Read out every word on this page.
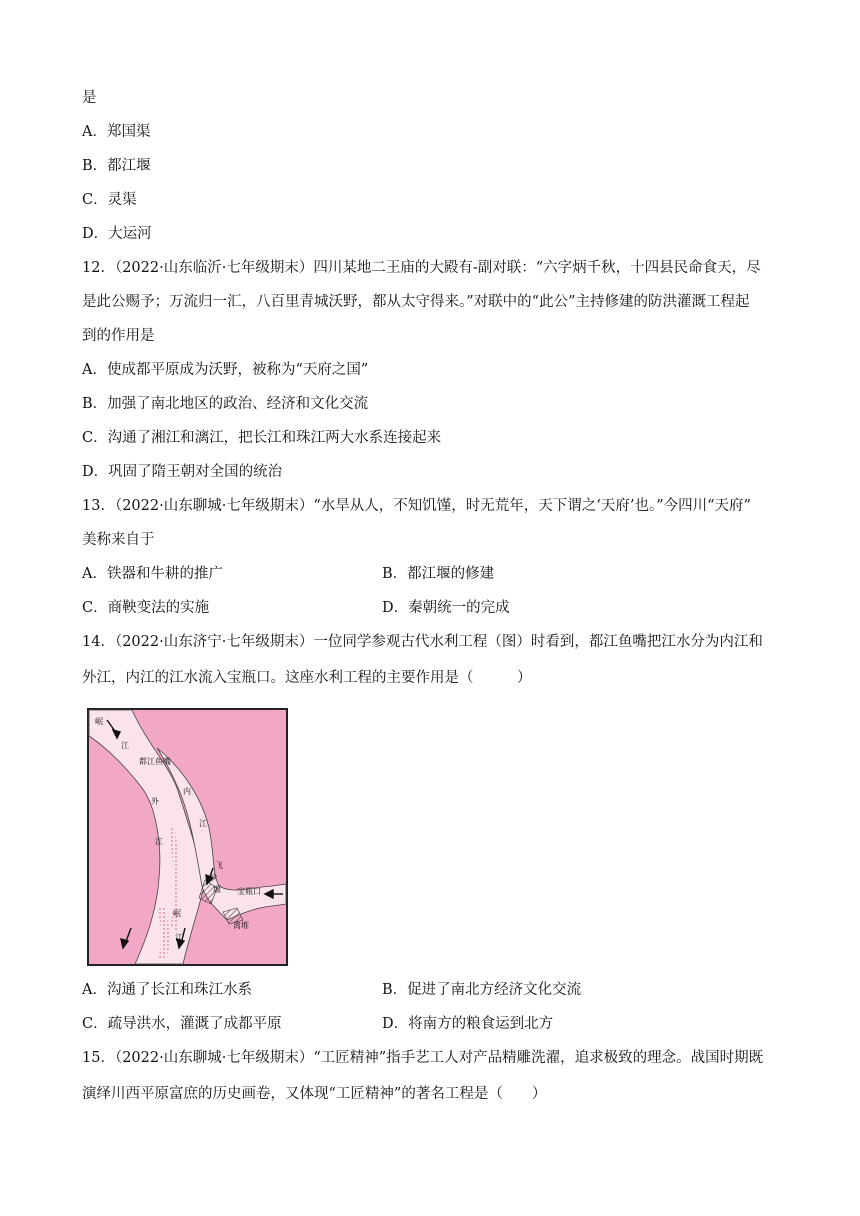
是
A．郑国渠
B．都江堰
C．灵渠
D．大运河
12．（2022·山东临沂·七年级期末）四川某地二王庙的大殿有-副对联：“六字炳千秋，十四县民命食天，尽
是此公赐予；万流归一汇，八百里青城沃野，都从太守得来。”对联中的“此公”主持修建的防洪灌溉工程起
到的作用是
A．使成都平原成为沃野，被称为“天府之国”
B．加强了南北地区的政治、经济和文化交流
C．沟通了湘江和漓江，把长江和珠江两大水系连接起来
D．巩固了隋王朝对全国的统治
13．（2022·山东聊城·七年级期末）“水旱从人，不知饥馑，时无荒年，天下谓之‘天府’也。”今四川“天府”
美称来自于
A．铁器和牛耕的推广	B．都江堰的修建
C．商鞅变法的实施	D．秦朝统一的完成
14．（2022·山东济宁·七年级期末）一位同学参观古代水利工程（图）时看到，都江鱼嘴把江水分为内江和
外江，内江的江水流入宝瓶口。这座水利工程的主要作用是（　　　）
岷
江
都江鱼嘴
内
江
外
江
飞
沙
堰 宝瓶口
离堆
岷
江
A．沟通了长江和珠江水系	B．促进了南北方经济文化交流
C．疏导洪水，灌溉了成都平原	D．将南方的粮食运到北方
15．（2022·山东聊城·七年级期末）“工匠精神”指手艺工人对产品精雕洗濯，追求极致的理念。战国时期既
演绎川西平原富庶的历史画卷，又体现“工匠精神”的著名工程是（　　）
